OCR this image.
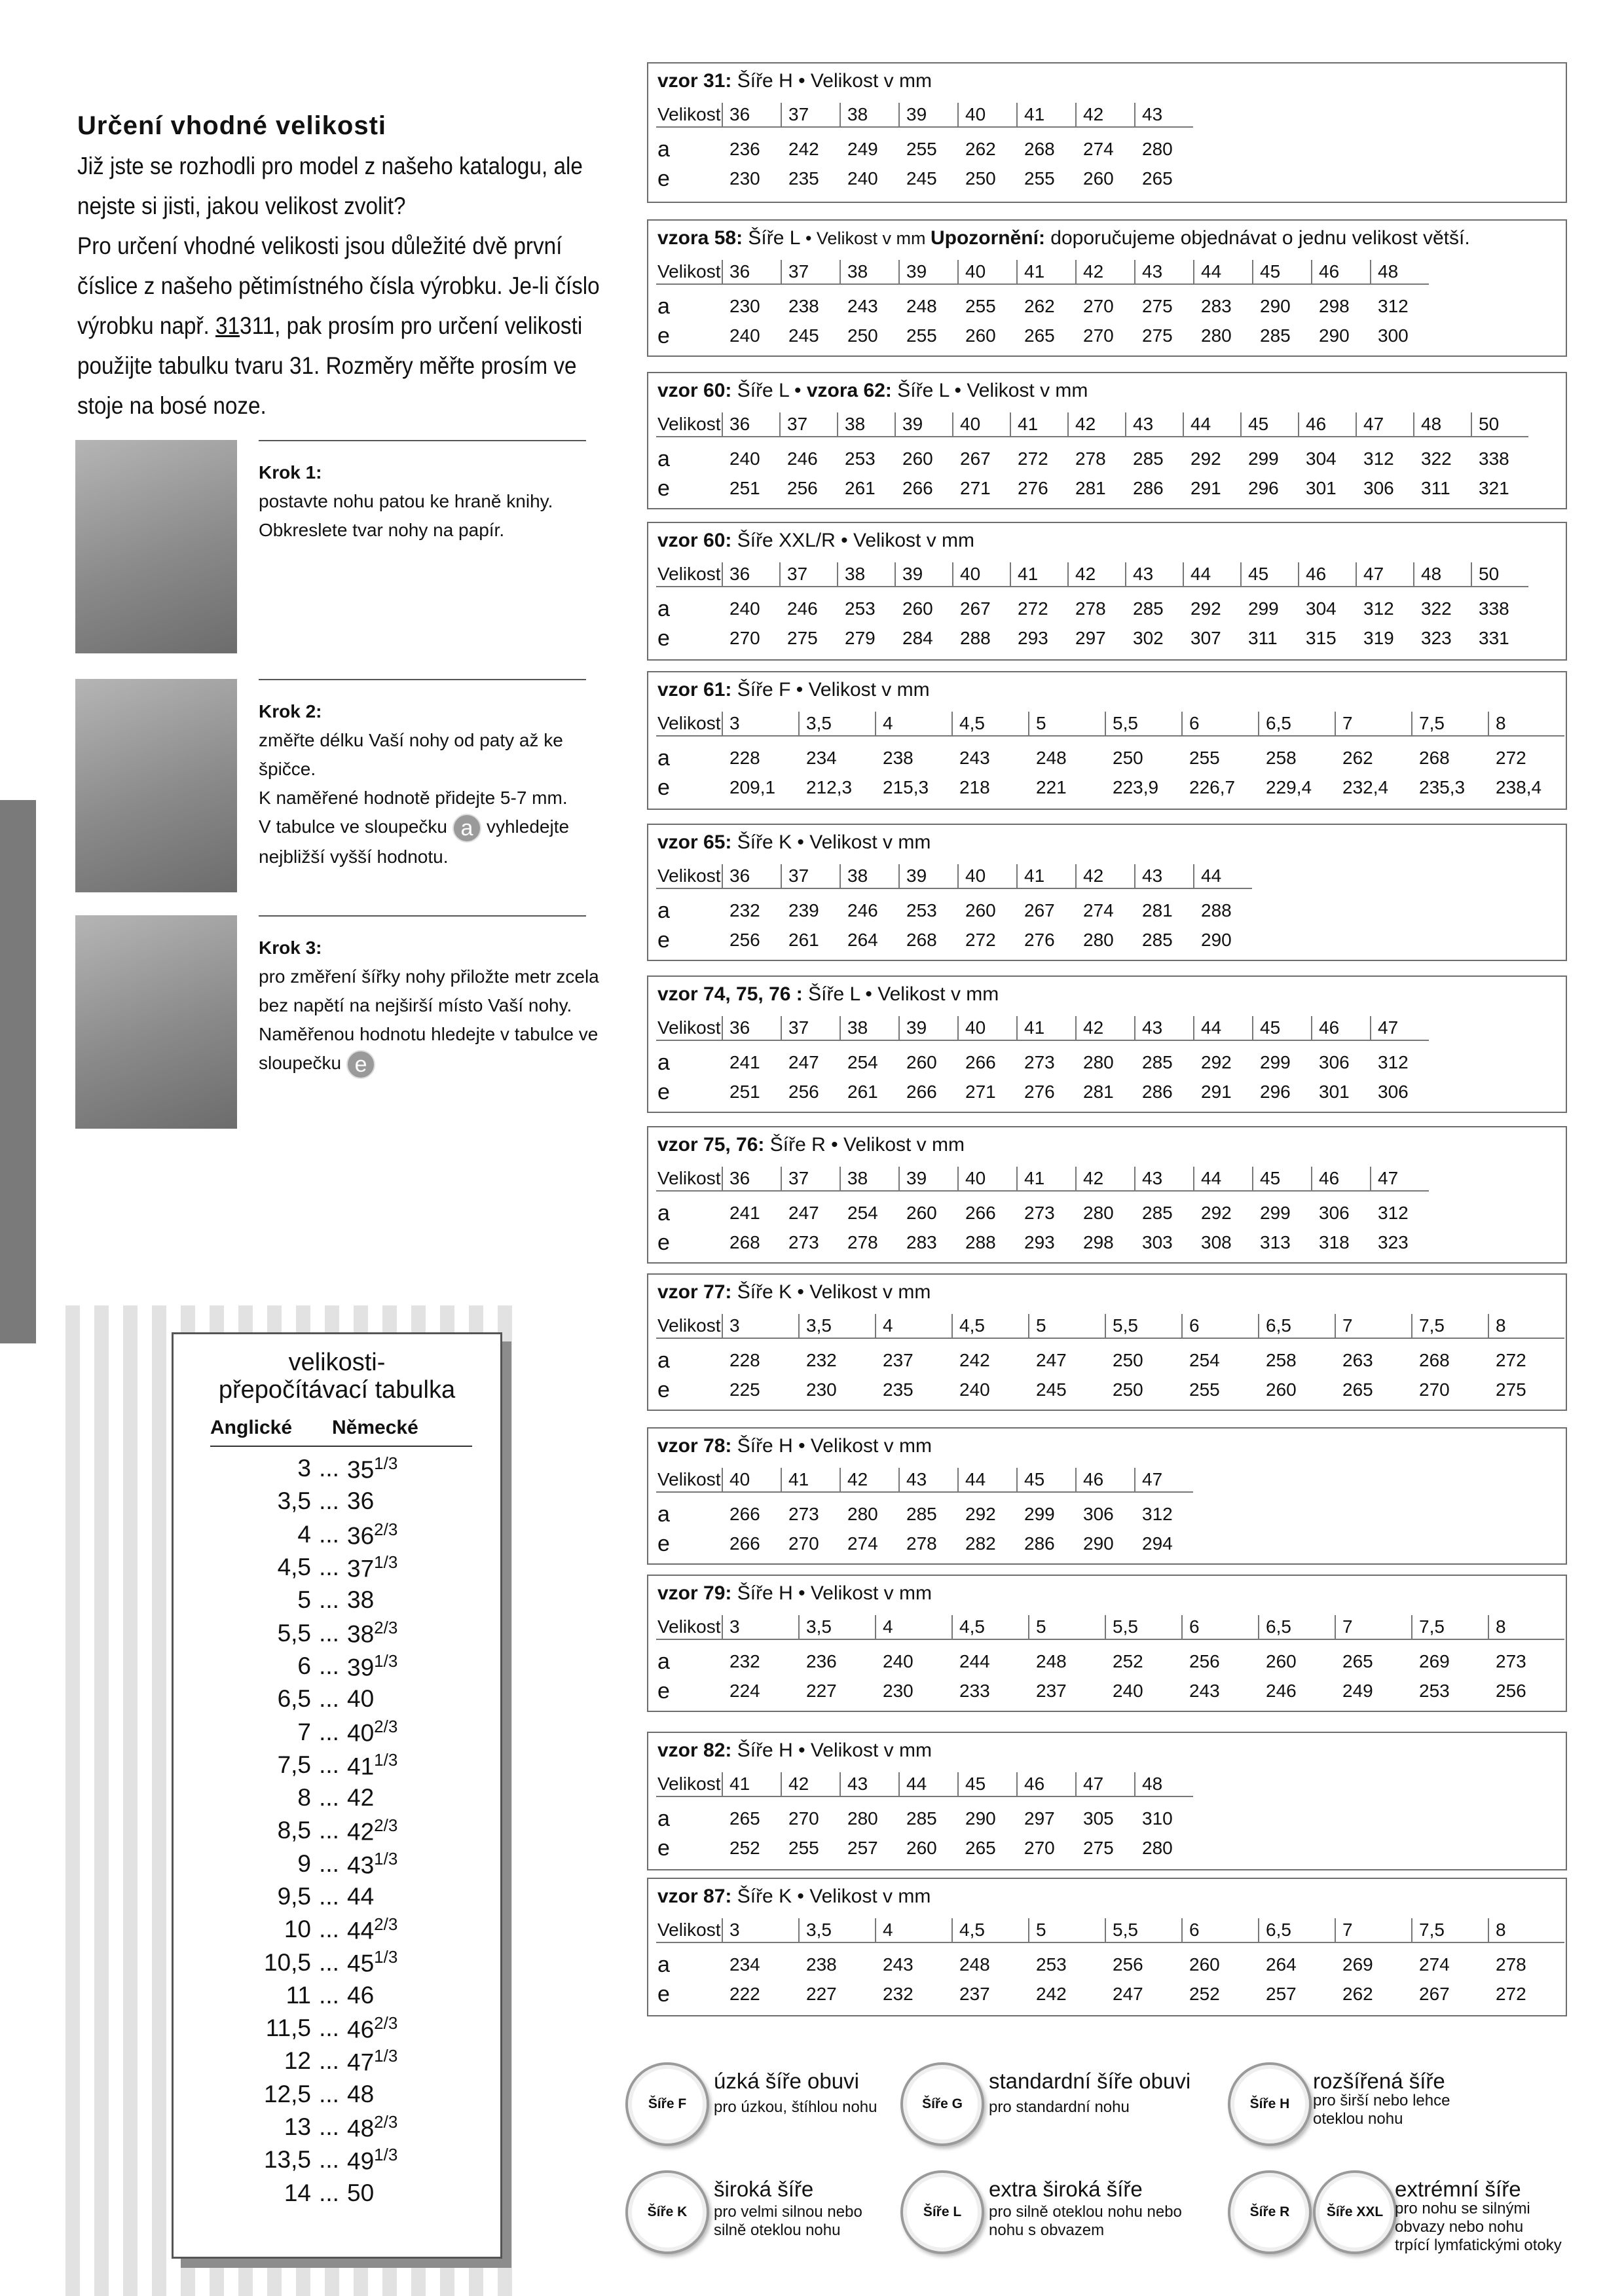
Určení vhodné velikosti
Již jste se rozhodli pro model z našeho katalogu, ale
nejste si jisti, jakou velikost zvolit?
Pro určení vhodné velikosti jsou důležité dvě první
číslice z našeho pětimístného čísla výrobku. Je-li číslo
výrobku např. 31311, pak prosím pro určení velikosti
použijte tabulku tvaru 31. Rozměry měřte prosím ve
stoje na bosé noze.
Krok 1:
postavte nohu patou ke hraně knihy.
Obkreslete tvar nohy na papír.
Krok 2:
změřte délku Vaší nohy od paty až ke
špičce.
K naměřené hodnotě přidejte 5-7 mm.
V tabulce ve sloupečku a vyhledejte
nejbližší vyšší hodnotu.
Krok 3:
pro změření šířky nohy přiložte metr zcela
bez napětí na nejširší místo Vaší nohy.
Naměřenou hodnotu hledejte v tabulce ve
sloupečku e
velikosti-
přepočítávací tabulka
Anglické	Německé
3 ... $35^{1/3}$
3,5 ... 36
4 ... $36^{2/3}$
4,5 ... $37^{1/3}$
5 ... 38
5,5 ... $38^{2/3}$
6 ... $39^{1/3}$
6,5 ... 40
7 ... $40^{2/3}$
7,5 ... $41^{1/3}$
8 ... 42
8,5 ... $42^{2/3}$
9 ... $43^{1/3}$
9,5 ... 44
10 ... $44^{2/3}$
10,5 ... $45^{1/3}$
11 ... 46
11,5 ... $46^{2/3}$
12 ... $47^{1/3}$
12,5 ... 48
13 ... $48^{2/3}$
13,5 ... $49^{1/3}$
14 ... 50
vzor 31: Šíře H • Velikost v mm
Velikost 36	37	38	39	40	41	42	43
a	236	242	249	255	262	268	274	280
e	230	235	240	245	250	255	260	265
vzora 58: Šíře L • Velikost v mm Upozornění: doporučujeme objednávat o jednu velikost větší.
Velikost 36	37	38	39	40	41	42	43	44	45	46	48
a	230	238	243	248	255	262	270	275	283	290	298	312
e	240	245	250	255	260	265	270	275	280	285	290	300
vzor 60: Šíře L • vzora 62: Šíře L • Velikost v mm
Velikost 36	37	38	39	40	41	42	43	44	45	46	47	48	50
a	240	246	253	260	267	272	278	285	292	299	304	312	322	338
e	251	256	261	266	271	276	281	286	291	296	301	306	311	321
vzor 60: Šíře XXL/R • Velikost v mm
Velikost 36	37	38	39	40	41	42	43	44	45	46	47	48	50
a	240	246	253	260	267	272	278	285	292	299	304	312	322	338
e	270	275	279	284	288	293	297	302	307	311	315	319	323	331
vzor 61: Šíře F • Velikost v mm
Velikost 3	3,5	4	4,5	5	5,5	6	6,5	7	7,5	8
a	228	234	238	243	248	250	255	258	262	268	272
e	209,1	212,3	215,3	218	221	223,9	226,7	229,4	232,4	235,3	238,4
vzor 65: Šíře K • Velikost v mm
Velikost 36	37	38	39	40	41	42	43	44
a	232	239	246	253	260	267	274	281	288
e	256	261	264	268	272	276	280	285	290
vzor 74, 75, 76 : Šíře L • Velikost v mm
Velikost 36	37	38	39	40	41	42	43	44	45	46	47
a	241	247	254	260	266	273	280	285	292	299	306	312
e	251	256	261	266	271	276	281	286	291	296	301	306
vzor 75, 76: Šíře R • Velikost v mm
Velikost 36	37	38	39	40	41	42	43	44	45	46	47
a	241	247	254	260	266	273	280	285	292	299	306	312
e	268	273	278	283	288	293	298	303	308	313	318	323
vzor 77: Šíře K • Velikost v mm
Velikost 3	3,5	4	4,5	5	5,5	6	6,5	7	7,5	8
a	228	232	237	242	247	250	254	258	263	268	272
e	225	230	235	240	245	250	255	260	265	270	275
vzor 78: Šíře H • Velikost v mm
Velikost 40	41	42	43	44	45	46	47
a	266	273	280	285	292	299	306	312
e	266	270	274	278	282	286	290	294
vzor 79: Šíře H • Velikost v mm
Velikost 3	3,5	4	4,5	5	5,5	6	6,5	7	7,5	8
a	232	236	240	244	248	252	256	260	265	269	273
e	224	227	230	233	237	240	243	246	249	253	256
vzor 82: Šíře H • Velikost v mm
Velikost 41	42	43	44	45	46	47	48
a	265	270	280	285	290	297	305	310
e	252	255	257	260	265	270	275	280
vzor 87: Šíře K • Velikost v mm
Velikost 3	3,5	4	4,5	5	5,5	6	6,5	7	7,5	8
a	234	238	243	248	253	256	260	264	269	274	278
e	222	227	232	237	242	247	252	257	262	267	272
Šíře F
úzká šíře obuvi
pro úzkou, štíhlou nohu	Šíře G
standardní šíře obuvi
pro standardní nohu	Šíře H
rozšířená šíře
pro širší nebo lehce
oteklou nohu
Šíře K
široká šíře
pro velmi silnou nebo
silně oteklou nohu
Šíře L
extra široká šíře
pro silně oteklou nohu nebo
nohu s obvazem
Šíře R	Šíře XXL
extrémní šíře
pro nohu se silnými
obvazy nebo nohu
trpící lymfatickými otoky
